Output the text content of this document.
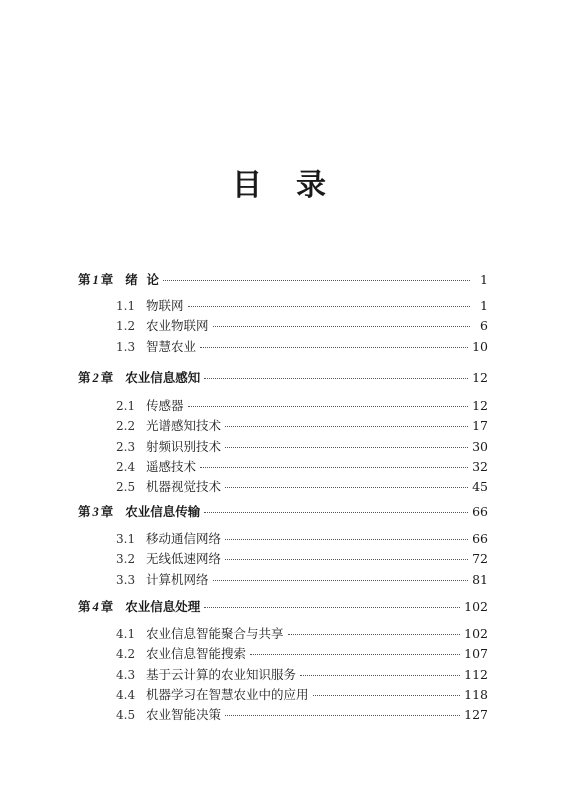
目 录
第 1 章 绪  论	1
1.1 物联网	1
1.2 农业物联网	6
1.3 智慧农业	10
第 2 章 农业信息感知	12
2.1 传感器	12
2.2 光谱感知技术	17
2.3 射频识别技术	30
2.4 遥感技术	32
2.5 机器视觉技术	45
第 3 章 农业信息传输	66
3.1 移动通信网络	66
3.2 无线低速网络	72
3.3 计算机网络	81
第 4 章 农业信息处理	102
4.1 农业信息智能聚合与共享	102
4.2 农业信息智能搜索	107
4.3 基于云计算的农业知识服务	112
4.4 机器学习在智慧农业中的应用	118
4.5 农业智能决策	127
